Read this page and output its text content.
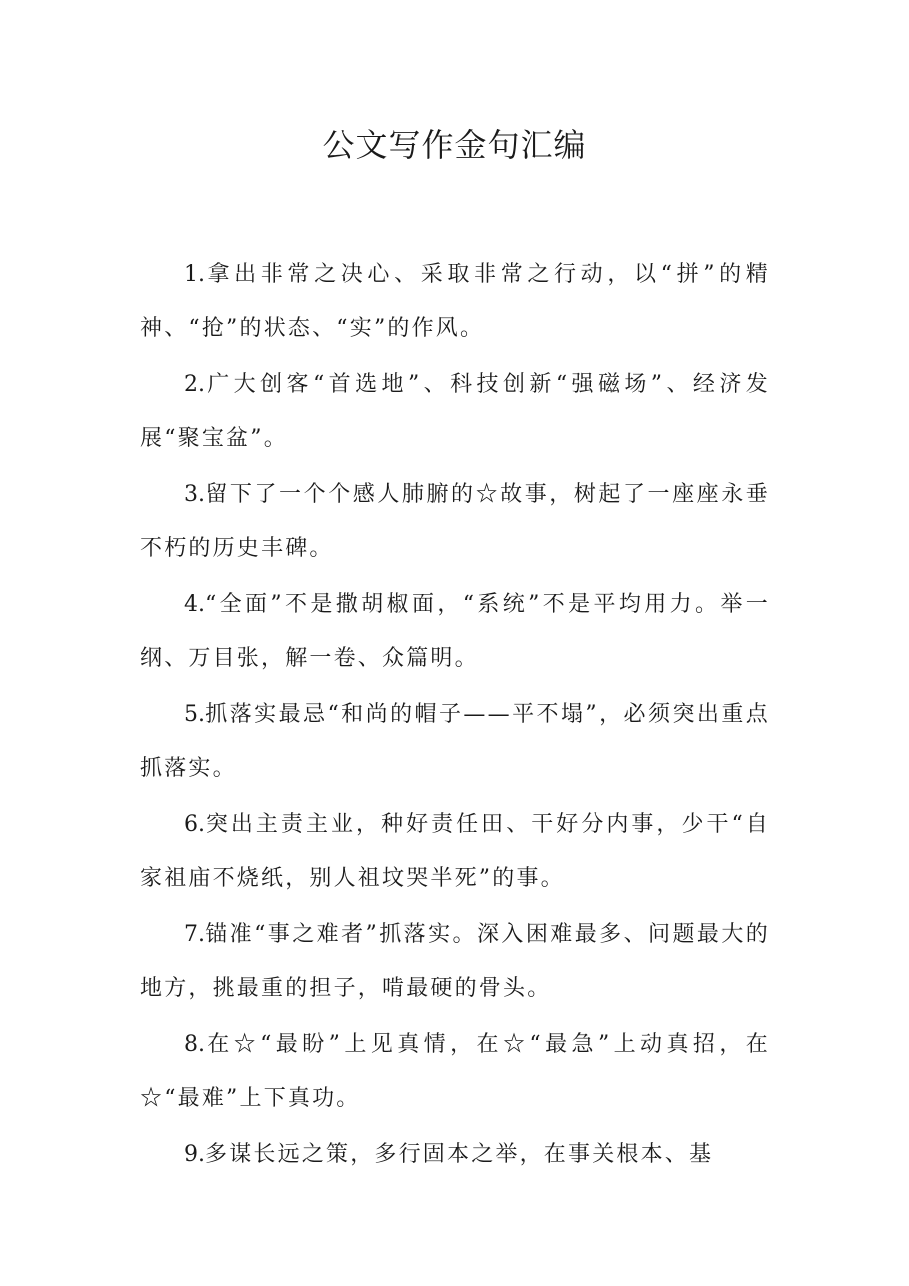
公文写作金句汇编

1.拿出非常之决心、采取非常之行动，以“拼”的精神、“抢”的状态、“实”的作风。

2.广大创客“首选地”、科技创新“强磁场”、经济发展“聚宝盆”。

3.留下了一个个感人肺腑的☆故事，树起了一座座永垂不朽的历史丰碑。

4.“全面”不是撒胡椒面，“系统”不是平均用力。举一纲、万目张，解一卷、众篇明。

5.抓落实最忌“和尚的帽子——平不塌”，必须突出重点抓落实。

6.突出主责主业，种好责任田、干好分内事，少干“自家祖庙不烧纸，别人祖坟哭半死”的事。

7.锚准“事之难者”抓落实。深入困难最多、问题最大的地方，挑最重的担子，啃最硬的骨头。

8.在☆“最盼”上见真情，在☆“最急”上动真招，在☆“最难”上下真功。

9.多谋长远之策，多行固本之举，在事关根本、基
